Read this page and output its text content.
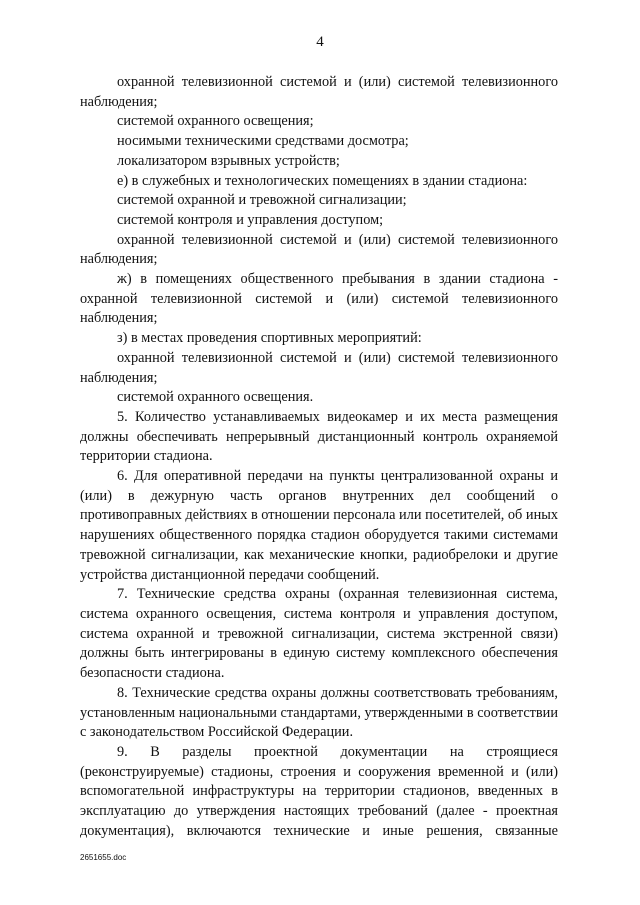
4

охранной телевизионной системой и (или) системой телевизионного наблюдения;

системой охранного освещения;

носимыми техническими средствами досмотра;

локализатором взрывных устройств;

е) в служебных и технологических помещениях в здании стадиона:

системой охранной и тревожной сигнализации;

системой контроля и управления доступом;

охранной телевизионной системой и (или) системой телевизионного наблюдения;

ж) в помещениях общественного пребывания в здании стадиона - охранной телевизионной системой и (или) системой телевизионного наблюдения;

з) в местах проведения спортивных мероприятий:

охранной телевизионной системой и (или) системой телевизионного наблюдения;

системой охранного освещения.

5. Количество устанавливаемых видеокамер и их места размещения должны обеспечивать непрерывный дистанционный контроль охраняемой территории стадиона.

6. Для оперативной передачи на пункты централизованной охраны и (или) в дежурную часть органов внутренних дел сообщений о противоправных действиях в отношении персонала или посетителей, об иных нарушениях общественного порядка стадион оборудуется такими системами тревожной сигнализации, как механические кнопки, радиобрелоки и другие устройства дистанционной передачи сообщений.

7. Технические средства охраны (охранная телевизионная система, система охранного освещения, система контроля и управления доступом, система охранной и тревожной сигнализации, система экстренной связи) должны быть интегрированы в единую систему комплексного обеспечения безопасности стадиона.

8. Технические средства охраны должны соответствовать требованиям, установленным национальными стандартами, утвержденными в соответствии с законодательством Российской Федерации.

9. В разделы проектной документации на строящиеся (реконструируемые) стадионы, строения и сооружения временной и (или) вспомогательной инфраструктуры на территории стадионов, введенных в эксплуатацию до утверждения настоящих требований (далее - проектная документация), включаются технические и иные решения, связанные

2651655.doc
